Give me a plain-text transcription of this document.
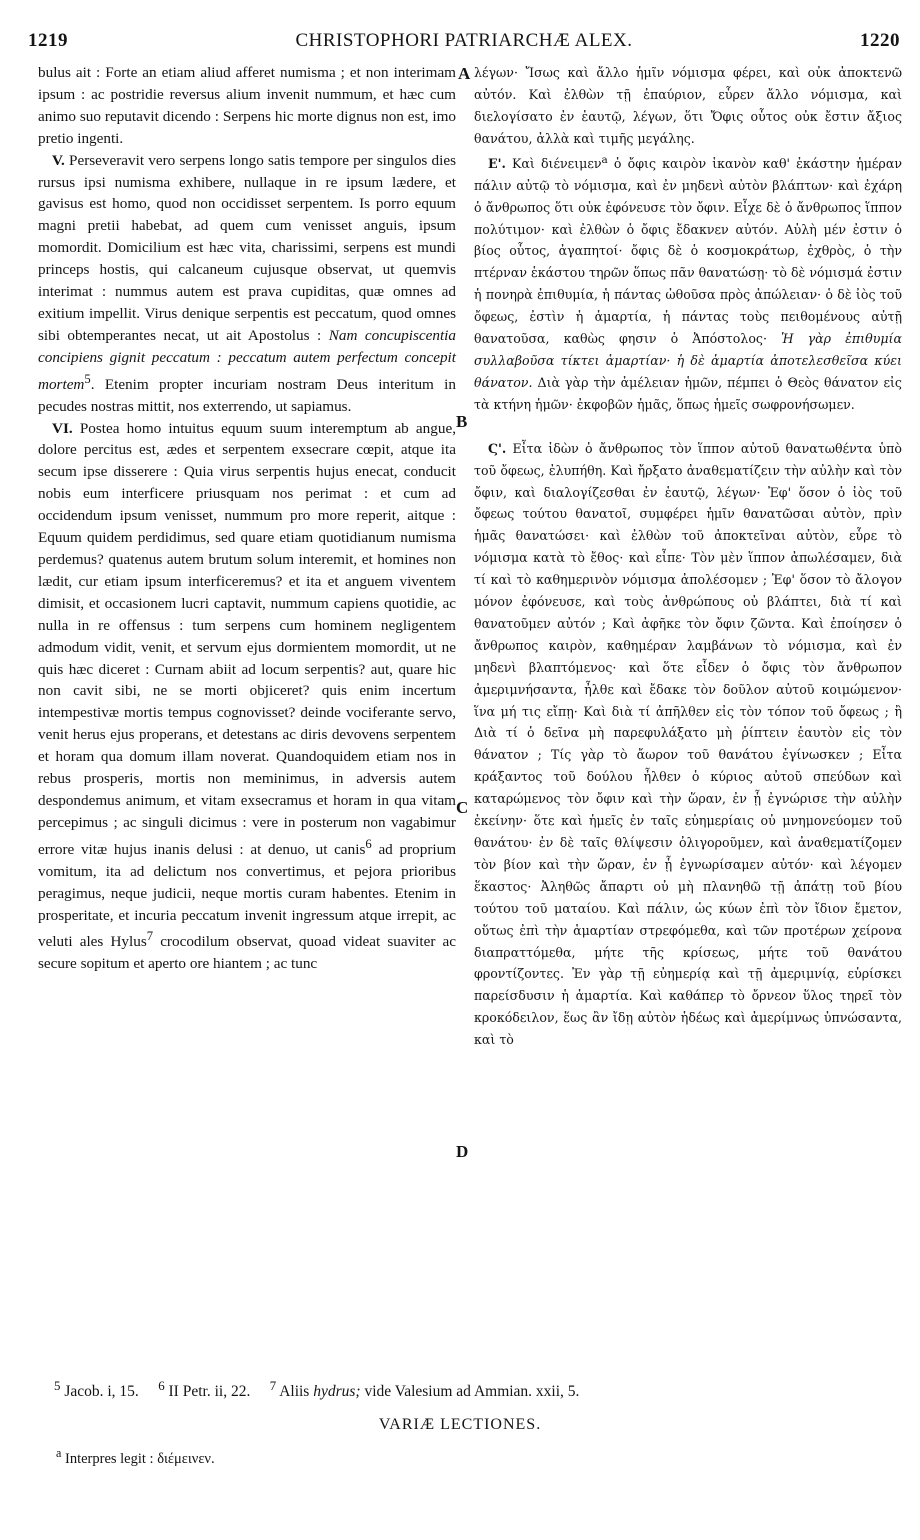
1219	CHRISTOPHORI PATRIARCHÆ ALEX.	1220

bulus ait : Forte an etiam aliud afferet numisma ; et non interimam ipsum : ac postridie reversus alium invenit nummum, et hæc cum animo suo reputavit dicendo : Serpens hic morte dignus non est, imo pretio ingenti.

V. Perseveravit vero serpens longo satis tempore per singulos dies rursus ipsi numisma exhibere, nullaque in re ipsum lædere, et gavisus est homo, quod non occidisset serpentem. Is porro equum magni pretii habebat, ad quem cum venisset anguis, ipsum momordit. Domicilium est hæc vita, charissimi, serpens est mundi princeps hostis, qui calcaneum cujusque observat, ut quemvis interimat : nummus autem est prava cupiditas, quæ omnes ad exitium impellit. Virus denique serpentis est peccatum, quod omnes sibi obtemperantes necat, ut ait Apostolus : Nam concupiscentia concipiens gignit peccatum : peccatum autem perfectum concepit mortem$^5$. Etenim propter incuriam nostram Deus interitum in pecudes nostras mittit, nos exterrendo, ut sapiamus.

VI. Postea homo intuitus equum suum interemptum ab angue, dolore percitus est, ædes et serpentem exsecrare cœpit, atque ita secum ipse disserere : Quia virus serpentis hujus enecat, conducit nobis eum interficere priusquam nos perimat : et cum ad occidendum ipsum venisset, nummum pro more reperit, aitque : Equum quidem perdidimus, sed quare etiam quotidianum numisma perdemus? quatenus autem brutum solum interemit, et homines non lædit, cur etiam ipsum interficeremus? et ita et anguem viventem dimisit, et occasionem lucri captavit, nummum capiens quotidie, ac nulla in re offensus : tum serpens cum hominem negligentem admodum vidit, venit, et servum ejus dormientem momordit, ut ne quis hæc diceret : Curnam abiit ad locum serpentis? aut, quare hic non cavit sibi, ne se morti objiceret? quis enim incertum intempestivæ mortis tempus cognovisset? deinde vociferante servo, venit herus ejus properans, et detestans ac diris devovens serpentem et horam qua domum illam noverat. Quandoquidem etiam nos in rebus prosperis, mortis non meminimus, in adversis autem despondemus animum, et vitam exsecramus et horam in qua vitam percepimus ; ac singuli dicimus : vere in posterum non vagabimur errore vitæ hujus inanis delusi : at denuo, ut canis$^6$ ad proprium vomitum, ita ad delictum nos convertimus, et pejora prioribus peragimus, neque judicii, neque mortis curam habentes. Etenim in prosperitate, et incuria peccatum invenit ingressum atque irrepit, ac veluti ales Hylus$^7$ crocodilum observat, quoad videat suaviter ac secure sopitum et aperto ore hiantem ; ac tunc

A
B
C
D

λέγων· Ἴσως καὶ ἄλλο ἡμῖν νόμισμα φέρει, καὶ οὐκ ἀποκτενῶ αὐτόν. Καὶ ἐλθὼν τῇ ἐπαύριον, εὗρεν ἄλλο νόμισμα, καὶ διελογίσατο ἐν ἑαυτῷ, λέγων, ὅτι Ὄφις οὗτος οὐκ ἔστιν ἄξιος θανάτου, ἀλλὰ καὶ τιμῆς μεγάλης.

Ε'. Καὶ διένειμεν$^a$ ὁ ὄφις καιρὸν ἱκανὸν καθ' ἑκάστην ἡμέραν πάλιν αὐτῷ τὸ νόμισμα, καὶ ἐν μηδενὶ αὐτὸν βλάπτων· καὶ ἐχάρη ὁ ἄνθρωπος ὅτι οὐκ ἐφόνευσε τὸν ὄφιν. Εἶχε δὲ ὁ ἄνθρωπος ἵππον πολύτιμον· καὶ ἐλθὼν ὁ ὄφις ἔδακνεν αὐτόν. Αὐλὴ μέν ἐστιν ὁ βίος οὗτος, ἀγαπητοί· ὄφις δὲ ὁ κοσμοκράτωρ, ἐχθρὸς, ὁ τὴν πτέρναν ἑκάστου τηρῶν ὅπως πᾶν θανατώσῃ· τὸ δὲ νόμισμά ἐστιν ἡ πονηρὰ ἐπιθυμία, ἡ πάντας ὠθοῦσα πρὸς ἀπώλειαν· ὁ δὲ ἰὸς τοῦ ὄφεως, ἐστὶν ἡ ἁμαρτία, ἡ πάντας τοὺς πειθομένους αὐτῇ θανατοῦσα, καθὼς φησιν ὁ Ἀπόστολος· Ἡ γὰρ ἐπιθυμία συλλαβοῦσα τίκτει ἁμαρτίαν· ἡ δὲ ἁμαρτία ἀποτελεσθεῖσα κύει θάνατον. Διὰ γὰρ τὴν ἀμέλειαν ἡμῶν, πέμπει ὁ Θεὸς θάνατον εἰς τὰ κτήνη ἡμῶν· ἐκφοβῶν ἡμᾶς, ὅπως ἡμεῖς σωφρονήσωμεν.

Ϛ'. Εἶτα ἰδὼν ὁ ἄνθρωπος τὸν ἵππον αὐτοῦ θανατωθέντα ὑπὸ τοῦ ὄφεως, ἐλυπήθη. Καὶ ἤρξατο ἀναθεματίζειν τὴν αὐλὴν καὶ τὸν ὄφιν, καὶ διαλογίζεσθαι ἐν ἑαυτῷ, λέγων· Ἐφ' ὅσον ὁ ἰὸς τοῦ ὄφεως τούτου θανατοῖ, συμφέρει ἡμῖν θανατῶσαι αὐτὸν, πρὶν ἡμᾶς θανατώσει· καὶ ἐλθὼν τοῦ ἀποκτεῖναι αὐτὸν, εὗρε τὸ νόμισμα κατὰ τὸ ἔθος· καὶ εἶπε· Τὸν μὲν ἵππον ἀπωλέσαμεν, διὰ τί καὶ τὸ καθημερινὸν νόμισμα ἀπολέσομεν ; Ἐφ' ὅσον τὸ ἄλογον μόνον ἐφόνευσε, καὶ τοὺς ἀνθρώπους οὐ βλάπτει, διὰ τί καὶ θανατοῦμεν αὐτόν ; Καὶ ἀφῆκε τὸν ὄφιν ζῶντα. Καὶ ἐποίησεν ὁ ἄνθρωπος καιρὸν, καθημέραν λαμβάνων τὸ νόμισμα, καὶ ἐν μηδενὶ βλαπτόμενος· καὶ ὅτε εἶδεν ὁ ὄφις τὸν ἄνθρωπον ἀμεριμνήσαντα, ἦλθε καὶ ἔδακε τὸν δοῦλον αὐτοῦ κοιμώμενον· ἵνα μή τις εἴπῃ· Καὶ διὰ τί ἀπῆλθεν εἰς τὸν τόπον τοῦ ὄφεως ; ἢ Διὰ τί ὁ δεῖνα μὴ παρεφυλάξατο μὴ ῥίπτειν ἑαυτὸν εἰς τὸν θάνατον ; Τίς γὰρ τὸ ἄωρον τοῦ θανάτου ἐγίνωσκεν ; Εἶτα κράξαντος τοῦ δούλου ἦλθεν ὁ κύριος αὐτοῦ σπεύδων καὶ καταρώμενος τὸν ὄφιν καὶ τὴν ὥραν, ἐν ᾗ ἐγνώρισε τὴν αὐλὴν ἐκείνην· ὅτε καὶ ἡμεῖς ἐν ταῖς εὐημερίαις οὐ μνημονεύομεν τοῦ θανάτου· ἐν δὲ ταῖς θλίψεσιν ὀλιγοροῦμεν, καὶ ἀναθεματίζομεν τὸν βίον καὶ τὴν ὥραν, ἐν ᾗ ἐγνωρίσαμεν αὐτόν· καὶ λέγομεν ἕκαστος· Ἀληθῶς ἄπαρτι οὐ μὴ πλανηθῶ τῇ ἀπάτῃ τοῦ βίου τούτου τοῦ ματαίου. Καὶ πάλιν, ὡς κύων ἐπὶ τὸν ἴδιον ἔμετον, οὕτως ἐπὶ τὴν ἁμαρτίαν στρεφόμεθα, καὶ τῶν προτέρων χείρονα διαπραττόμεθα, μήτε τῆς κρίσεως, μήτε τοῦ θανάτου φροντίζοντες. Ἐν γὰρ τῇ εὐημερίᾳ καὶ τῇ ἀμεριμνίᾳ, εὑρίσκει παρείσδυσιν ἡ ἁμαρτία. Καὶ καθάπερ τὸ ὄρνεον ὕλος τηρεῖ τὸν κροκόδειλον, ἕως ἂν ἴδῃ αὐτὸν ἡδέως καὶ ἀμερίμνως ὑπνώσαντα, καὶ τὸ

$^5$ Jacob. i, 15. $^6$ II Petr. ii, 22. $^7$ Aliis hydrus; vide Valesium ad Ammian. xxii, 5.
VARIÆ LECTIONES.
$^a$ Interpres legit : διέμεινεν.
